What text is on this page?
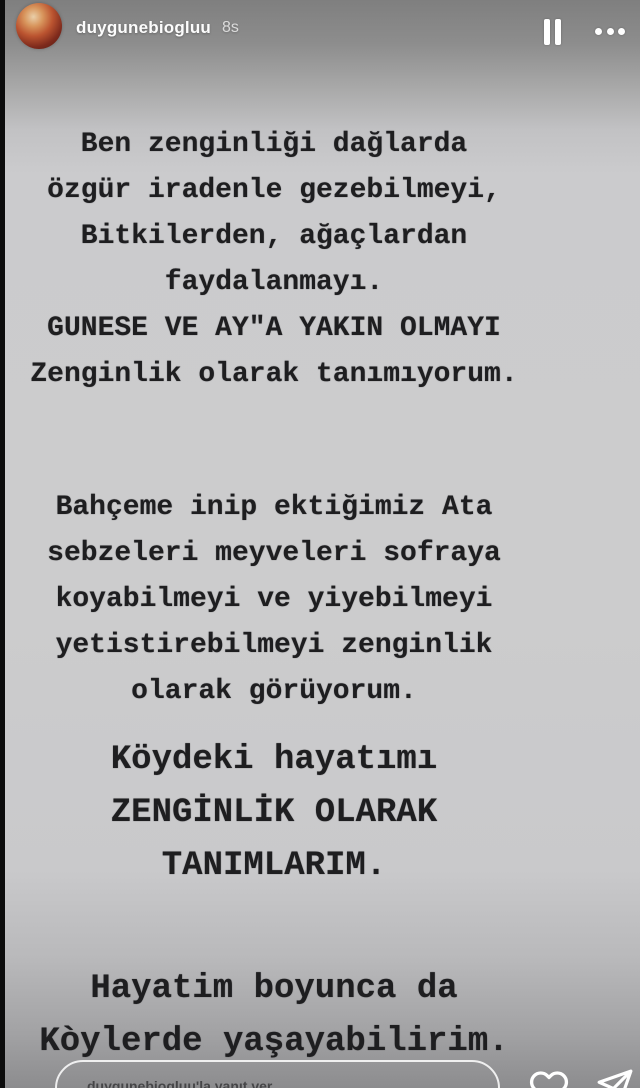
duygunebiogluu 8s
Ben zenginliği dağlarda
özgür iradenle gezebilmeyi,
Bitkilerden, ağaçlardan
faydalanmayı.
GUNESE VE AY"A YAKIN OLMAYI
Zenginlik olarak tanımıyorum.
Bahçeme inip ektiğimiz Ata
sebzeleri meyveleri sofraya
koyabilmeyi ve yiyebilmeyi
yetistirebilmeyi zenginlik
olarak görüyorum.
Köydeki hayatımı
ZENGİNLİK OLARAK
TANIMLARIM.
Hayatim boyunca da
Kòylerde yaşayabilirim.
duygunebiogluu'la yanıt ver
